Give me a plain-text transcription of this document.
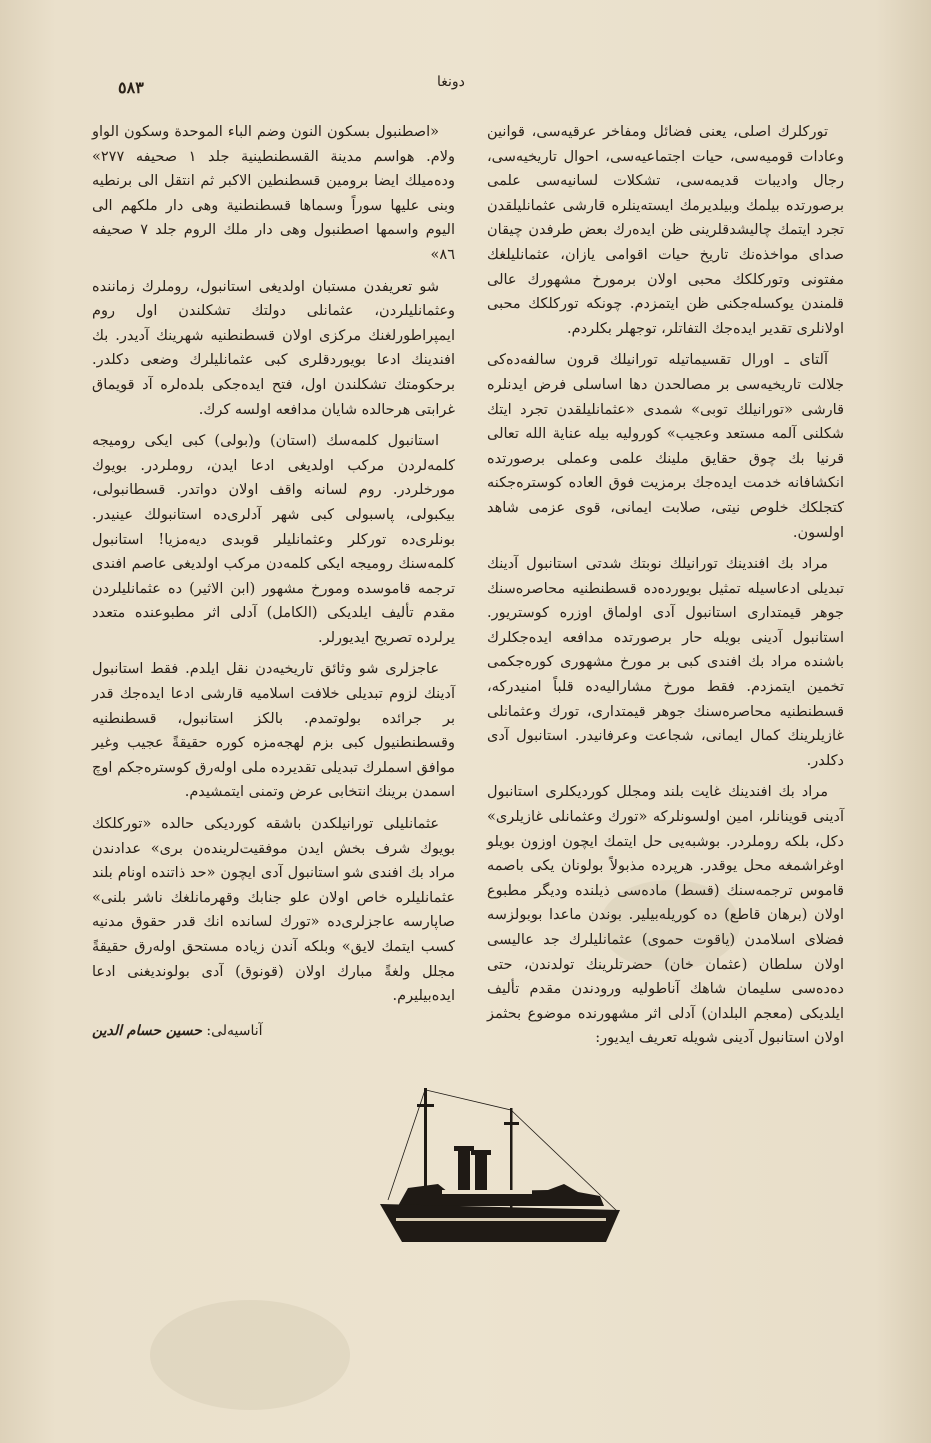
٥٨٣	دونغا

توركلرك اصلی، يعنی فضائل ومفاخر عرقيه‌سی، قوانين وعادات قوميه‌سی، حيات اجتماعيه‌سی، احوال تاريخيه‌سی، رجال واديبات قديمه‌سی، تشكلات لسانيه‌سی علمی برصورتده بيلمك وبيلديرمك ايسته‌ينلره قارشی عثمانليلقدن تجرد ايتمك چاليشدقلرينی ظن ايدەرك بعض طرفدن چيقان صدای مواخذه‌نك تاريخ حيات اقوامی يازان، عثمانليلغك مفتونی وتوركلكك محبی اولان برمورخ مشهورك عالی قلمندن يوكسله‌جكنی ظن ايتمزدم. چونكه توركلكك محبی اولانلری تقدير ايده‌جك التفاتلر، توجهلر بكلردم.

آلتای ـ اورال تقسيماتيله تورانيلك قرون سالفه‌ده‌كی جلالت تاريخيه‌سی بر مصالحدن دها اساسلی فرض ايدنلره قارشی «تورانيلك توبی» شمدی «عثمانليلقدن تجرد ايتك شكلنی آلمه مستعد وعجيب» كوروليه بيله عناية الله تعالی قرنيا بك چوق حقايق ملينك علمی وعملی برصورتده انكشافانه خدمت ايده‌جك برمزيت فوق العاده كوستره‌جكنه كتجلكك خلوص نيتی، صلابت ايمانی، قوی عزمی شاهد اولسون.

مراد بك افندينك تورانيلك نوبتك شدتی استانبول آدينك تبديلی ادعاسيله تمثيل بويورده‌ده قسطنطنيه محاصره‌سنك جوهر قيمتداری استانبول آدی اولماق اوزره كوستريور. استانبول آدينی بويله حار برصورتده مدافعه ايده‌جكلرك باشنده مراد بك افندی كبی بر مورخ مشهوری كورەجكمی تخمين ايتمزدم. فقط مورخ مشارالیه‌ده قلباً امنيدركه، قسطنطنيه محاصره‌سنك جوهر قيمتداری، تورك وعثمانلی غازيلرينك كمال ايمانی، شجاعت وعرفانيدر. استانبول آدی دكلدر.

مراد بك افندينك غايت بلند ومجلل كورديكلری استانبول آدينی قوينانلر، امين اولسونلركه «تورك وعثمانلی غازيلری» دكل، بلكه روملردر. بوشبه‌یی حل ايتمك ايچون اوزون بويلو اوغراشمغه محل يوقدر. هرپرده مذبولاً بولونان يكی باصمه قاموس ترجمه‌سنك (قسط) ماده‌سی ذيلنده وديگر مطبوع اولان (برهان قاطع) ده كوريله‌بيلير. بوندن ماعدا بوبولزسه فضلای اسلامدن (ياقوت حموی) عثمانليلرك جد عاليسی اولان سلطان (عثمان خان) حضرتلرينك تولدندن، حتی ده‌ده‌سی سليمان شاهك آناطوليه ورودندن مقدم تأليف ايلديكی (معجم البلدان) آدلی اثر مشهورنده موضوع بحثمز اولان استانبول آدينی شويله تعريف ايديور:

«اصطنبول بسكون النون وضم الباء الموحدة وسكون الواو ولام. هواسم مدينة القسطنطينية جلد ١ صحيفه ٢٧٧» وده‌ميلك ايضا برومين قسطنطين الاكبر ثم انتقل الی برنطيه وبنی عليها سوراً وسماها قسطنطنية وهی دار ملكهم الی اليوم واسمها اصطنبول وهی دار ملك الروم جلد ٧ صحيفه ٨٦»

شو تعريفدن مستبان اولديغی استانبول، روملرك زماننده وعثمانليلردن، عثمانلی دولتك تشكلندن اول روم ايمپراطورلغنك مركزی اولان قسطنطنيه شهرينك آديدر. بك افندينك ادعا بويوردقلری كبی عثمانليلرك وضعی دكلدر. برحكومتك تشكلندن اول، فتح ايده‌جكی بلده‌لره آد قويماق غرابتی هرحالده شايان مدافعه اولسه كرك.

استانبول كلمه‌سك (استان) و(بولی) كبی ايكی روميجه كلمه‌لردن مركب اولديغی ادعا ايدن، روملردر. بويوك مورخلردر. روم لسانه واقف اولان دواتدر. قسطانبولی، بيكبولی، پاسبولی كبی شهر آدلری‌ده استانبولك عينيدر. بونلری‌ده توركلر وعثمانليلر قوبدی ديه‌مزيا! استانبول كلمه‌سنك روميجه ايكی كلمه‌دن مركب اولديغی عاصم افندی ترجمه قاموسده ومورخ مشهور (ابن الاثير) ده عثمانليلردن مقدم تأليف ايلديكی (الكامل) آدلی اثر مطبوعنده متعدد يرلرده تصريح ايديورلر.

عاجزلری شو وثائق تاريخيه‌دن نقل ايلدم. فقط استانبول آدينك لزوم تبديلی خلافت اسلاميه قارشی ادعا ايده‌جك قدر بر جرائده بولوتمدم. بالكز استانبول، قسطنطنيه وقسطنطنيول كبی بزم لهجه‌مزه كوره حقيقةً عجيب وغير موافق اسملرك تبديلی تقديرده ملی اولەرق كوستره‌جكم اوچ اسمدن برينك انتخابی عرض وتمنی ايتمشيدم.

عثمانليلی تورانيلكدن باشقه كورديكی حالده «توركلكك بويوك شرف بخش ايدن موفقيت‌لرينده‌ن بری» عدادندن مراد بك افندی شو استانبول آدی ايچون «حد ذاتنده اونام بلند عثمانليلره خاص اولان علو جنابك وقهرمانلغك ناشر بلنی» صاپارسه عاجزلری‌ده «تورك لسانده انك قدر حقوق مدنيه كسب ايتمك لايق» وبلكه آندن زياده مستحق اولەرق حقيقةً مجلل ولغةً مبارك اولان (قونوق) آدی بولونديغنی ادعا ايده‌بيليرم.

آناسيه‌لی: حسين حسام الدين
